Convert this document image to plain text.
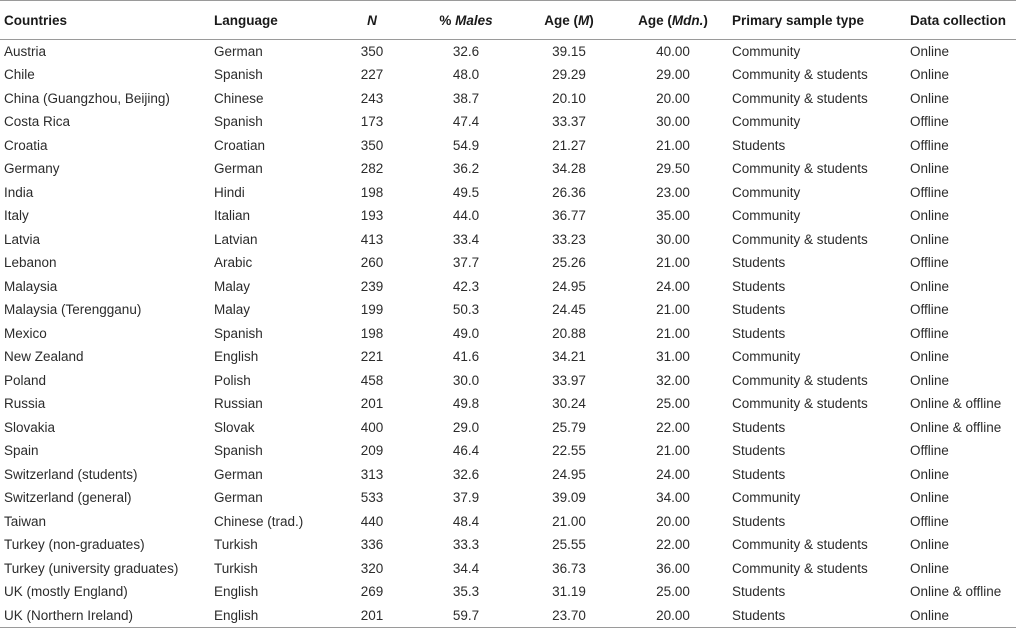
Countries	Language	N	% Males	Age (M)	Age (Mdn.)	Primary sample type	Data collection
Austria	German	350	32.6	39.15	40.00	Community	Online
Chile	Spanish	227	48.0	29.29	29.00	Community & students	Online
China (Guangzhou, Beijing)	Chinese	243	38.7	20.10	20.00	Community & students	Online
Costa Rica	Spanish	173	47.4	33.37	30.00	Community	Offline
Croatia	Croatian	350	54.9	21.27	21.00	Students	Offline
Germany	German	282	36.2	34.28	29.50	Community & students	Online
India	Hindi	198	49.5	26.36	23.00	Community	Offline
Italy	Italian	193	44.0	36.77	35.00	Community	Online
Latvia	Latvian	413	33.4	33.23	30.00	Community & students	Online
Lebanon	Arabic	260	37.7	25.26	21.00	Students	Offline
Malaysia	Malay	239	42.3	24.95	24.00	Students	Online
Malaysia (Terengganu)	Malay	199	50.3	24.45	21.00	Students	Offline
Mexico	Spanish	198	49.0	20.88	21.00	Students	Offline
New Zealand	English	221	41.6	34.21	31.00	Community	Online
Poland	Polish	458	30.0	33.97	32.00	Community & students	Online
Russia	Russian	201	49.8	30.24	25.00	Community & students	Online & offline
Slovakia	Slovak	400	29.0	25.79	22.00	Students	Online & offline
Spain	Spanish	209	46.4	22.55	21.00	Students	Offline
Switzerland (students)	German	313	32.6	24.95	24.00	Students	Online
Switzerland (general)	German	533	37.9	39.09	34.00	Community	Online
Taiwan	Chinese (trad.)	440	48.4	21.00	20.00	Students	Offline
Turkey (non-graduates)	Turkish	336	33.3	25.55	22.00	Community & students	Online
Turkey (university graduates)	Turkish	320	34.4	36.73	36.00	Community & students	Online
UK (mostly England)	English	269	35.3	31.19	25.00	Students	Online & offline
UK (Northern Ireland)	English	201	59.7	23.70	20.00	Students	Online
